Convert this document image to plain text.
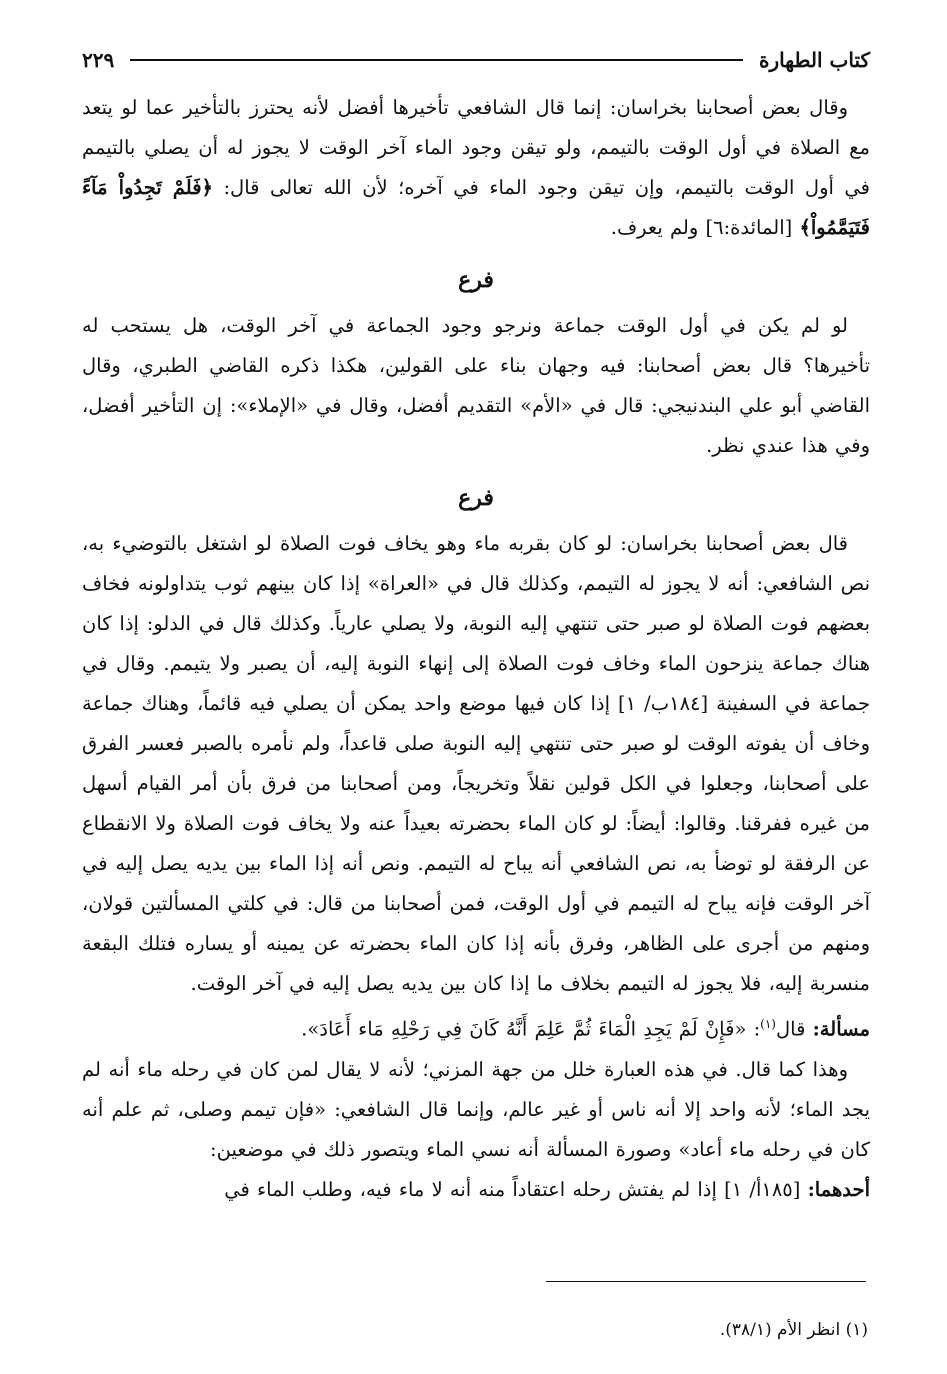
كتاب الطهارة
٢٢٩

وقال بعض أصحابنا بخراسان: إنما قال الشافعي تأخيرها أفضل لأنه يحترز بالتأخير عما لو يتعد مع الصلاة في أول الوقت بالتيمم، ولو تيقن وجود الماء آخر الوقت لا يجوز له أن يصلي بالتيمم في أول الوقت بالتيمم، وإن تيقن وجود الماء في آخره؛ لأن الله تعالى قال: ﴿فَلَمْ تَجِدُواْ مَآءً فَتَيَمَّمُواْ﴾ [المائدة:٦] ولم يعرف.

فرع

لو لم يكن في أول الوقت جماعة ونرجو وجود الجماعة في آخر الوقت، هل يستحب له تأخيرها؟ قال بعض أصحابنا: فيه وجهان بناء على القولين، هكذا ذكره القاضي الطبري، وقال القاضي أبو علي البندنيجي: قال في «الأم» التقديم أفضل، وقال في «الإملاء»: إن التأخير أفضل، وفي هذا عندي نظر.

فرع

قال بعض أصحابنا بخراسان: لو كان بقربه ماء وهو يخاف فوت الصلاة لو اشتغل بالتوضيء به، نص الشافعي: أنه لا يجوز له التيمم، وكذلك قال في «العراة» إذا كان بينهم ثوب يتداولونه فخاف بعضهم فوت الصلاة لو صبر حتى تنتهي إليه النوبة، ولا يصلي عارياً. وكذلك قال في الدلو: إذا كان هناك جماعة ينزحون الماء وخاف فوت الصلاة إلى إنهاء النوبة إليه، أن يصبر ولا يتيمم. وقال في جماعة في السفينة [١٨٤ب/ ١] إذا كان فيها موضع واحد يمكن أن يصلي فيه قائماً، وهناك جماعة وخاف أن يفوته الوقت لو صبر حتى تنتهي إليه النوبة صلى قاعداً، ولم نأمره بالصبر فعسر الفرق على أصحابنا، وجعلوا في الكل قولين نقلاً وتخريجاً، ومن أصحابنا من فرق بأن أمر القيام أسهل من غيره ففرقنا. وقالوا: أيضاً: لو كان الماء بحضرته بعيداً عنه ولا يخاف فوت الصلاة ولا الانقطاع عن الرفقة لو توضأ به، نص الشافعي أنه يباح له التيمم. ونص أنه إذا الماء بين يديه يصل إليه في آخر الوقت فإنه يباح له التيمم في أول الوقت، فمن أصحابنا من قال: في كلتي المسألتين قولان، ومنهم من أجرى على الظاهر، وفرق بأنه إذا كان الماء بحضرته عن يمينه أو يساره فتلك البقعة منسربة إليه، فلا يجوز له التيمم بخلاف ما إذا كان بين يديه يصل إليه في آخر الوقت.

مسألة: قال$^{(١)}$: «فَإِنْ لَمْ يَجِدِ الْمَاءَ ثُمَّ عَلِمَ أَنَّهُ كَانَ فِي رَحْلِهِ مَاء أَعَادَ».

وهذا كما قال. في هذه العبارة خلل من جهة المزني؛ لأنه لا يقال لمن كان في رحله ماء أنه لم يجد الماء؛ لأنه واحد إلا أنه ناس أو غير عالم، وإنما قال الشافعي: «فإن تيمم وصلى، ثم علم أنه كان في رحله ماء أعاد» وصورة المسألة أنه نسي الماء ويتصور ذلك في موضعين:

أحدهما: [١٨٥أ/ ١] إذا لم يفتش رحله اعتقاداً منه أنه لا ماء فيه، وطلب الماء في

(١) انظر الأم (٣٨/١).
